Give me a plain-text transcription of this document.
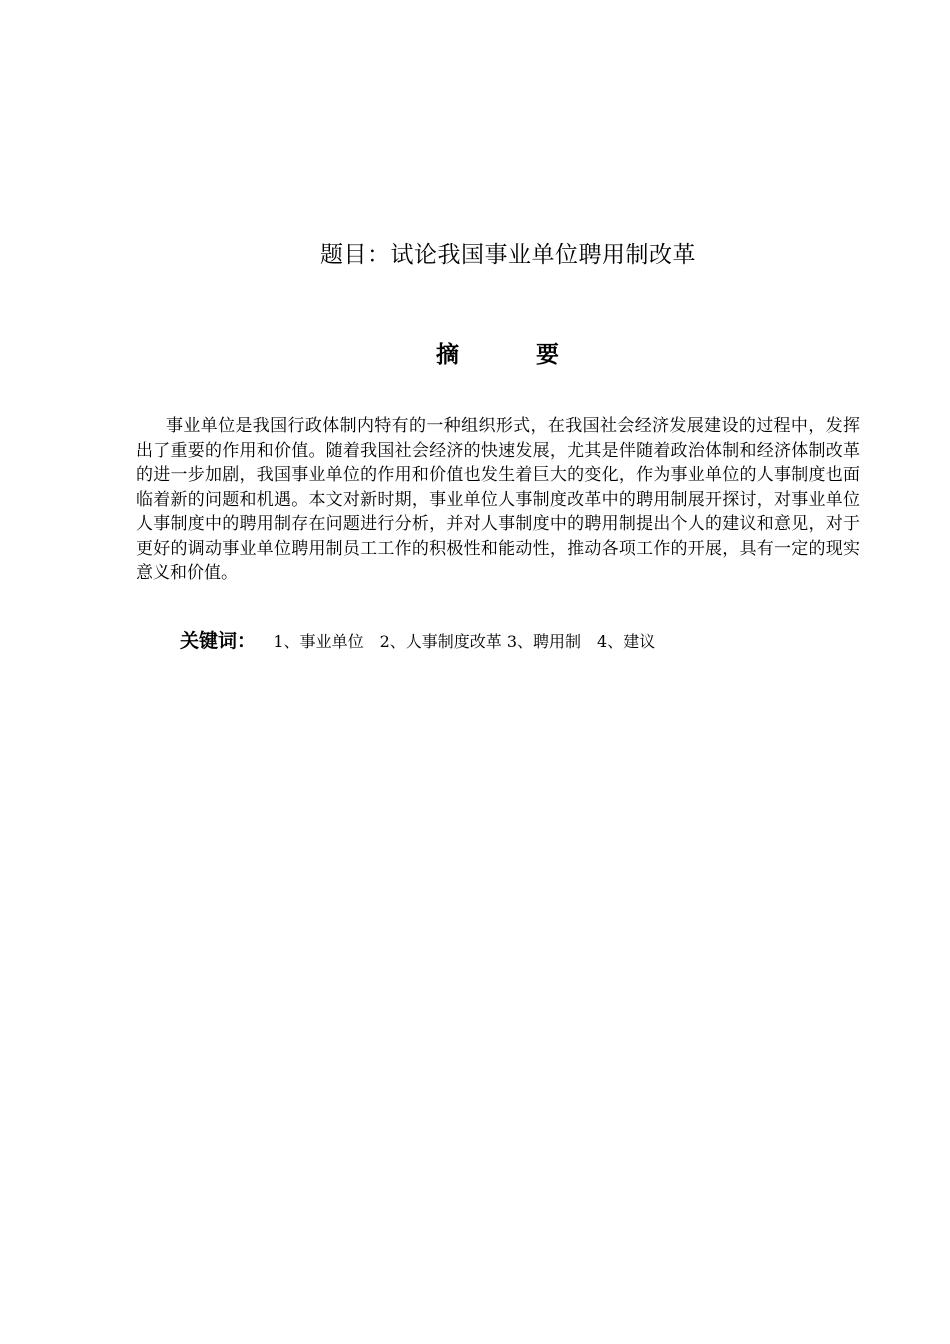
题目：试论我国事业单位聘用制改革
摘	要
事业单位是我国行政体制内特有的一种组织形式，在我国社会经济发展建设的过程中，发挥出了重要的作用和价值。随着我国社会经济的快速发展，尤其是伴随着政治体制和经济体制改革的进一步加剧，我国事业单位的作用和价值也发生着巨大的变化，作为事业单位的人事制度也面临着新的问题和机遇。本文对新时期，事业单位人事制度改革中的聘用制展开探讨，对事业单位人事制度中的聘用制存在问题进行分析，并对人事制度中的聘用制提出个人的建议和意见，对于更好的调动事业单位聘用制员工工作的积极性和能动性，推动各项工作的开展，具有一定的现实意义和价值。
关键词： 1、事业单位　2、人事制度改革 3、聘用制　4、建议
